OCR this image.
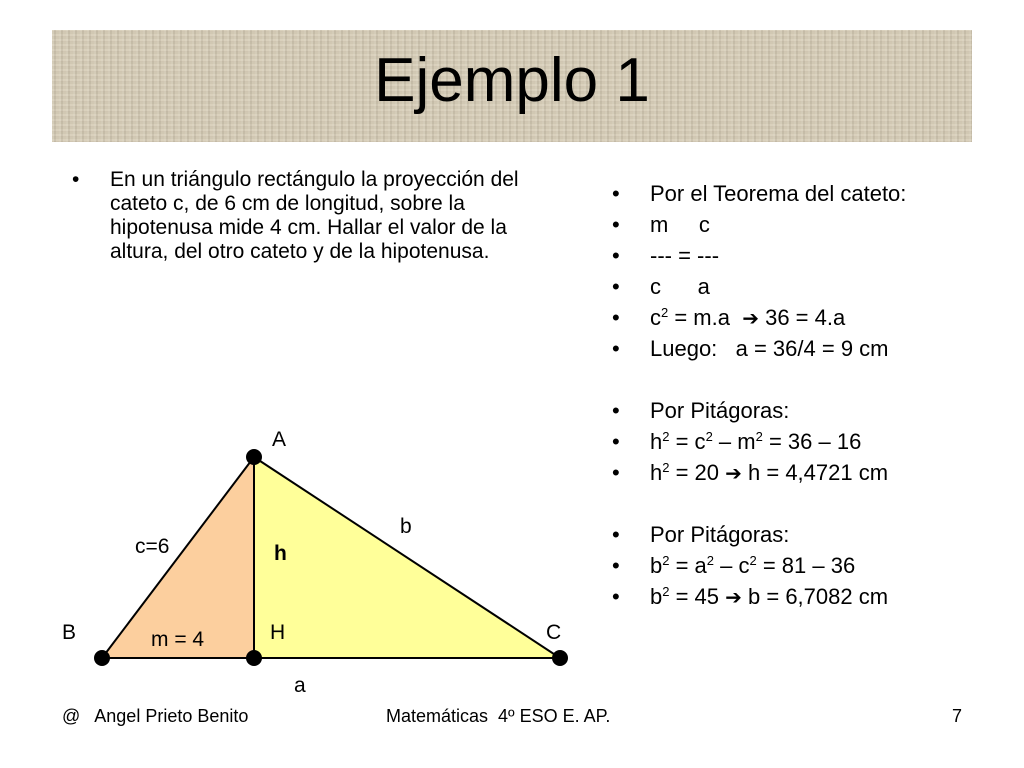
Ejemplo 1
• En un triángulo rectángulo la proyección del cateto c, de 6 cm de longitud, sobre la hipotenusa mide 4 cm. Hallar el valor de la altura, del otro cateto y de la hipotenusa.
• Por el Teorema del cateto:
• m     c
• --- = ---
• c      a
• $c^2 = m.a$  ➔ 36 = 4.a
• Luego:   a = 36/4 = 9 cm
• Por Pitágoras:
• $h^2 = c^2 - m^2 = 36 - 16$
• $h^2 = 20$ ➔ h = 4,4721 cm
• Por Pitágoras:
• $b^2 = a^2 - c^2 = 81 - 36$
• $b^2 = 45$ ➔ b = 6,7082 cm
A
B	C
H
h
b
c=6
m = 4
a
@   Angel Prieto Benito	Matemáticas  4º ESO E. AP.	7
